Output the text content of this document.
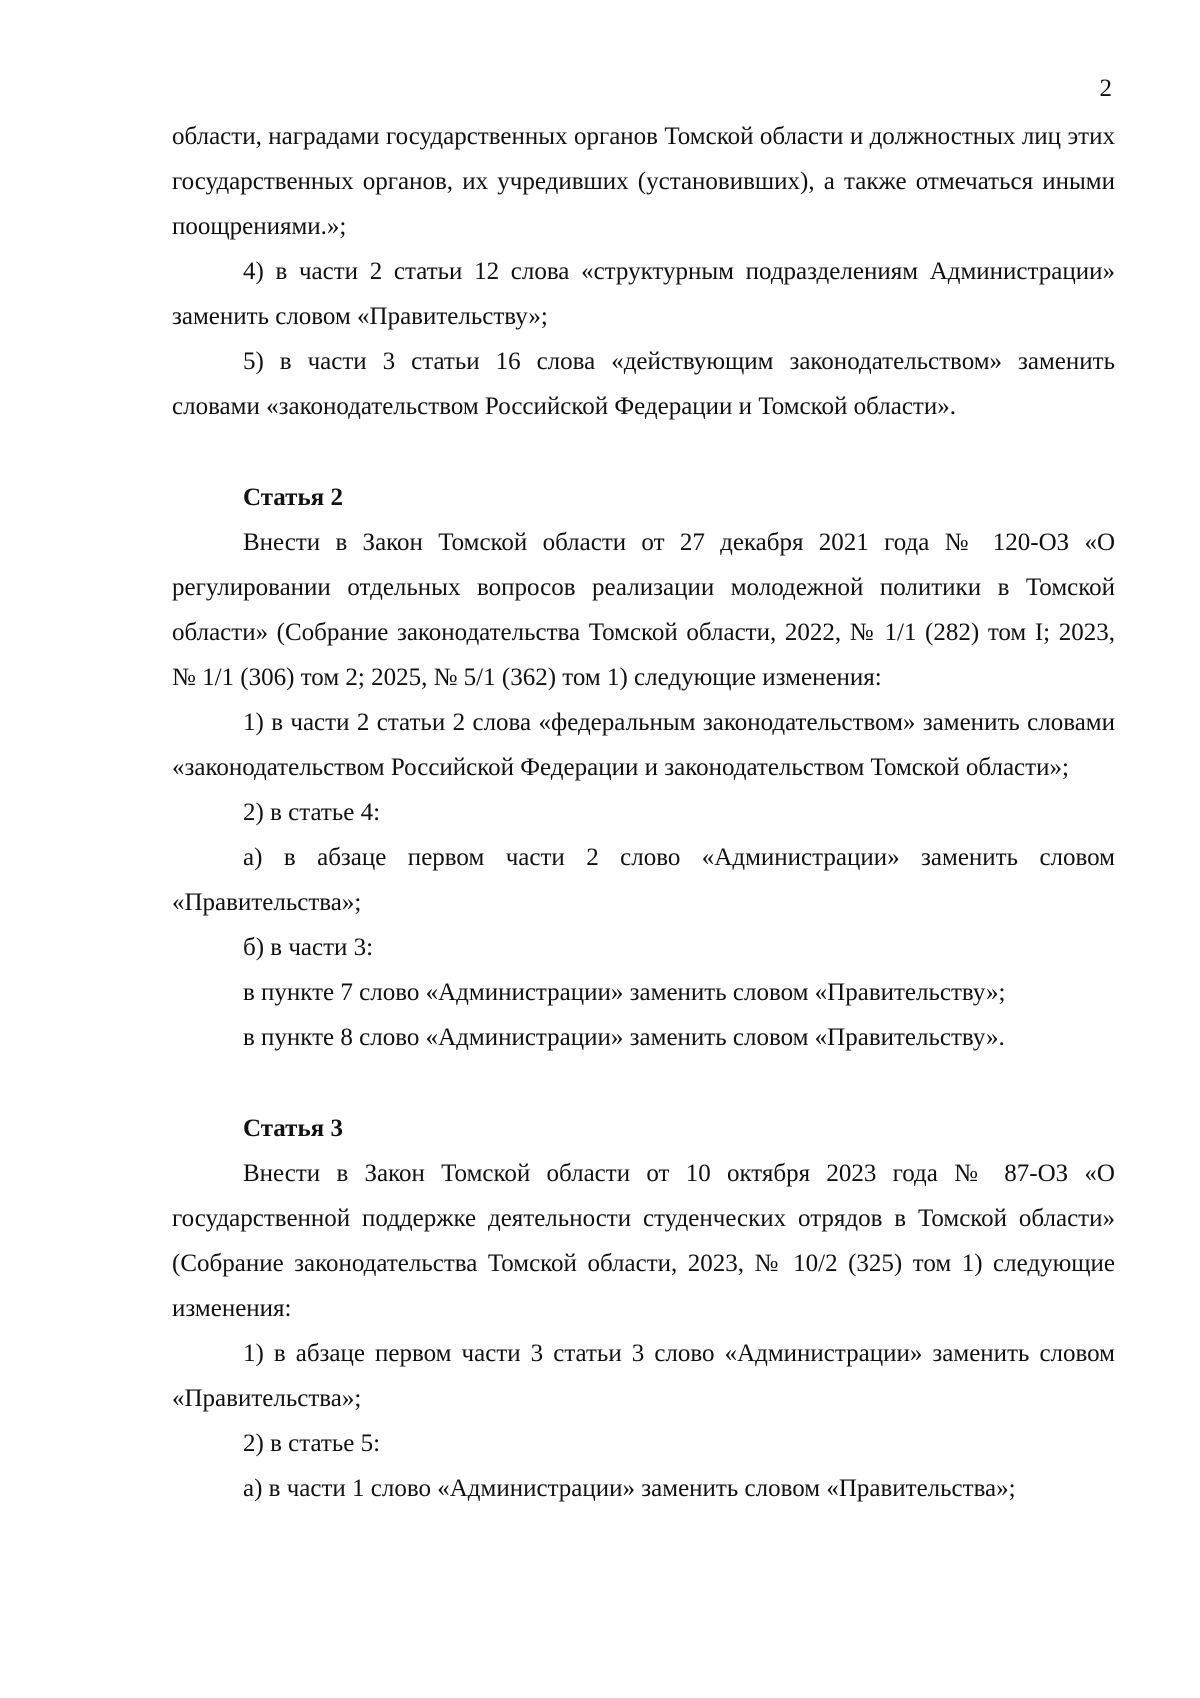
2

области, наградами государственных органов Томской области и должностных лиц этих государственных органов, их учредивших (установивших), а также отмечаться иными поощрениями.»;

4) в части 2 статьи 12 слова «структурным подразделениям Администрации» заменить словом «Правительству»;

5) в части 3 статьи 16 слова «действующим законодательством» заменить словами «законодательством Российской Федерации и Томской области».

Статья 2

Внести в Закон Томской области от 27 декабря 2021 года № 120-ОЗ «О регулировании отдельных вопросов реализации молодежной политики в Томской области» (Собрание законодательства Томской области, 2022, № 1/1 (282) том I; 2023, № 1/1 (306) том 2; 2025, № 5/1 (362) том 1) следующие изменения:

1) в части 2 статьи 2 слова «федеральным законодательством» заменить словами «законодательством Российской Федерации и законодательством Томской области»;

2) в статье 4:

а) в абзаце первом части 2 слово «Администрации» заменить словом «Правительства»;

б) в части 3:

в пункте 7 слово «Администрации» заменить словом «Правительству»;

в пункте 8 слово «Администрации» заменить словом «Правительству».

Статья 3

Внести в Закон Томской области от 10 октября 2023 года № 87-ОЗ «О государственной поддержке деятельности студенческих отрядов в Томской области» (Собрание законодательства Томской области, 2023, № 10/2 (325) том 1) следующие изменения:

1) в абзаце первом части 3 статьи 3 слово «Администрации» заменить словом «Правительства»;

2) в статье 5:

а) в части 1 слово «Администрации» заменить словом «Правительства»;
